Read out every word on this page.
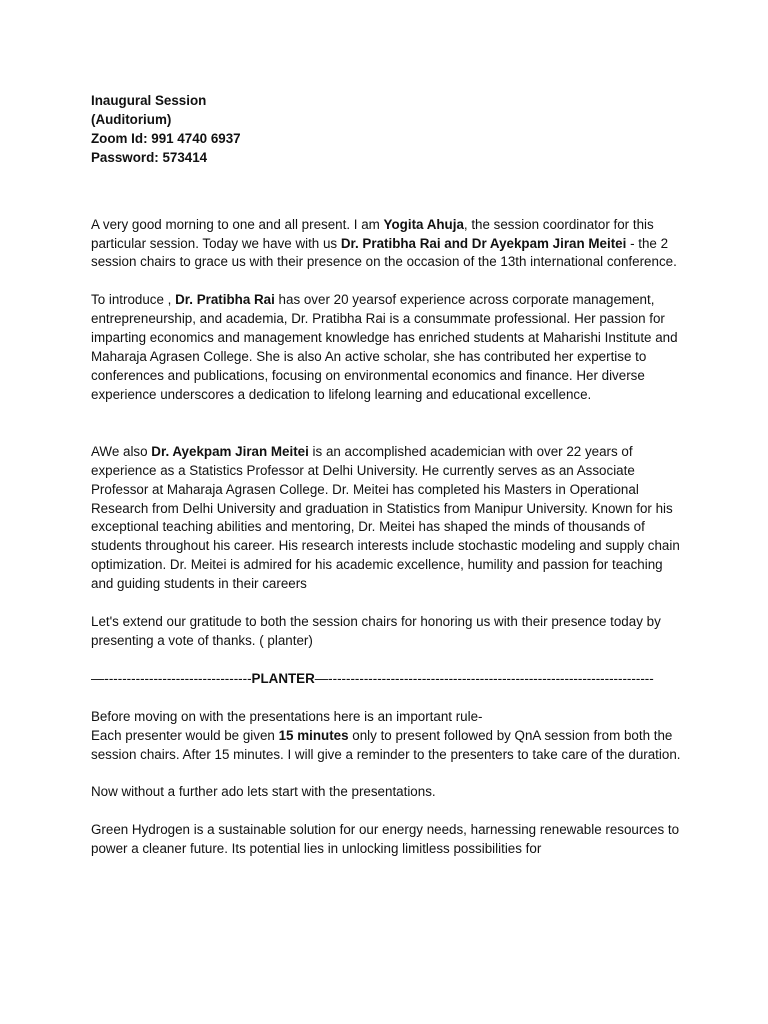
Inaugural Session

(Auditorium)

Zoom Id: 991 4740 6937

Password: 573414

A very good morning to one and all present. I am Yogita Ahuja, the session coordinator for this particular session. Today we have with us Dr. Pratibha Rai and Dr Ayekpam Jiran Meitei - the 2 session chairs to grace us with their presence on the occasion of the 13th international conference.

To introduce , Dr. Pratibha Rai has over 20 yearsof experience across corporate management, entrepreneurship, and academia, Dr. Pratibha Rai is a consummate professional. Her passion for imparting economics and management knowledge has enriched students at Maharishi Institute and Maharaja Agrasen College. She is also An active scholar, she has contributed her expertise to conferences and publications, focusing on environmental economics and finance. Her diverse experience underscores a dedication to lifelong learning and educational excellence.

AWe also Dr. Ayekpam Jiran Meitei is an accomplished academician with over 22 years of experience as a Statistics Professor at Delhi University. He currently serves as an Associate Professor at Maharaja Agrasen College. Dr. Meitei has completed his Masters in Operational Research from Delhi University and graduation in Statistics from Manipur University. Known for his exceptional teaching abilities and mentoring, Dr. Meitei has shaped the minds of thousands of students throughout his career. His research interests include stochastic modeling and supply chain optimization. Dr. Meitei is admired for his academic excellence, humility and passion for teaching and guiding students in their careers

Let's extend our gratitude to both the session chairs for honoring us with their presence today by presenting a vote of thanks. ( planter)

—---------------------------------PLANTER—-------------------------------------------------------------------------

Before moving on with the presentations here is an important rule-

Each presenter would be given 15 minutes only to present followed by QnA session from both the session chairs. After 15 minutes. I will give a reminder to the presenters to take care of the duration.

Now without a further ado lets start with the presentations.

Green Hydrogen is a sustainable solution for our energy needs, harnessing renewable resources to power a cleaner future. Its potential lies in unlocking limitless possibilities for
